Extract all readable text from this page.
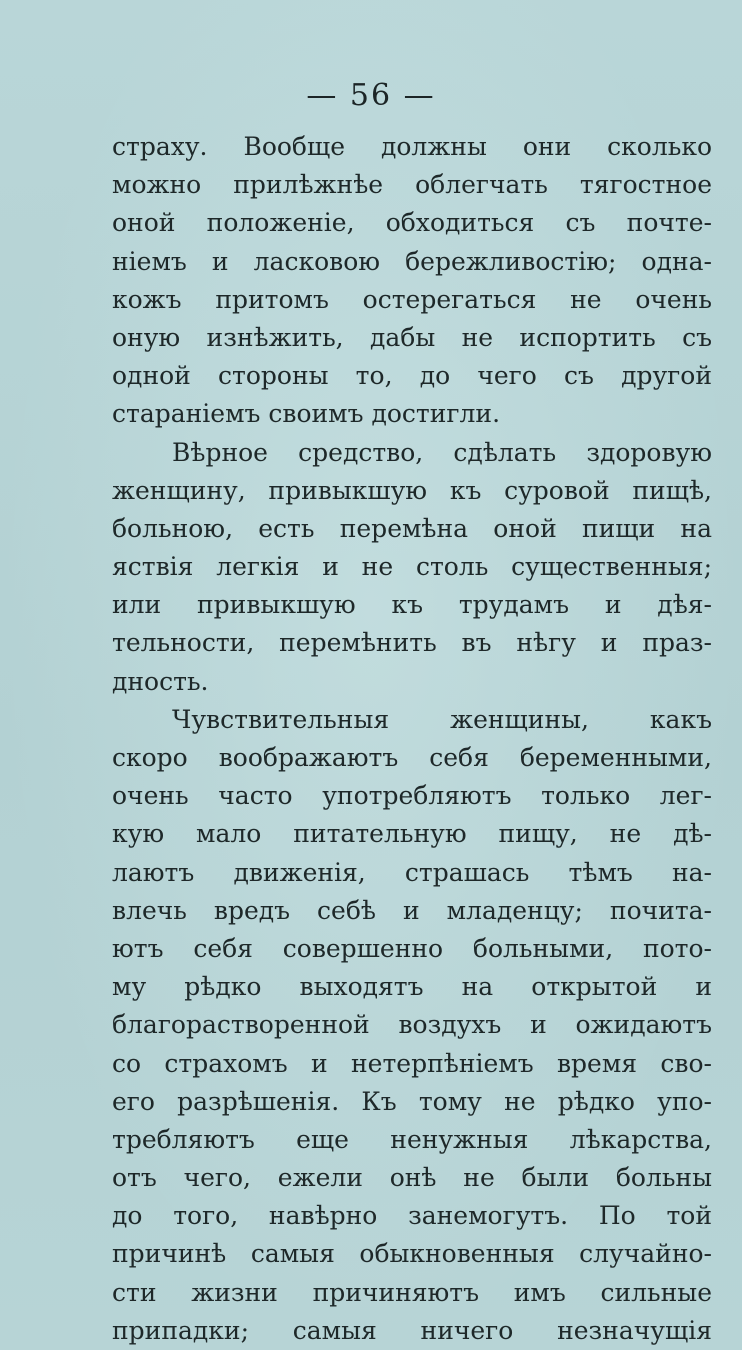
— 56 —
страху. Вообще должны они сколько
можно прилѣжнѣе облегчать тягостное
оной положеніе, обходиться съ почте-
ніемъ и ласковою бережливостію; одна-
кожъ притомъ остерегаться не очень
оную изнѣжить, дабы не испортить съ
одной стороны то, до чего съ другой
стараніемъ своимъ достигли.
Вѣрное средство, сдѣлать здоровую
женщину, привыкшую къ суровой пищѣ,
больною, есть перемѣна оной пищи на
яствія легкія и не столь существенныя;
или привыкшую къ трудамъ и дѣя-
тельности, перемѣнить въ нѣгу и праз-
дность.
Чувствительныя женщины, какъ
скоро воображаютъ себя беременными,
очень часто употребляютъ только лег-
кую мало питательную пищу, не дѣ-
лаютъ движенія, страшась тѣмъ на-
влечь вредъ себѣ и младенцу; почита-
ютъ себя совершенно больными, пото-
му рѣдко выходятъ на открытой и
благорастворенной воздухъ и ожидаютъ
со страхомъ и нетерпѣніемъ время сво-
его разрѣшенія. Къ тому не рѣдко упо-
требляютъ еще ненужныя лѣкарства,
отъ чего, ежели онѣ не были больны
до того, навѣрно занемогутъ. По той
причинѣ самыя обыкновенныя случайно-
сти жизни причиняютъ имъ сильные
припадки; самыя ничего незначущія
